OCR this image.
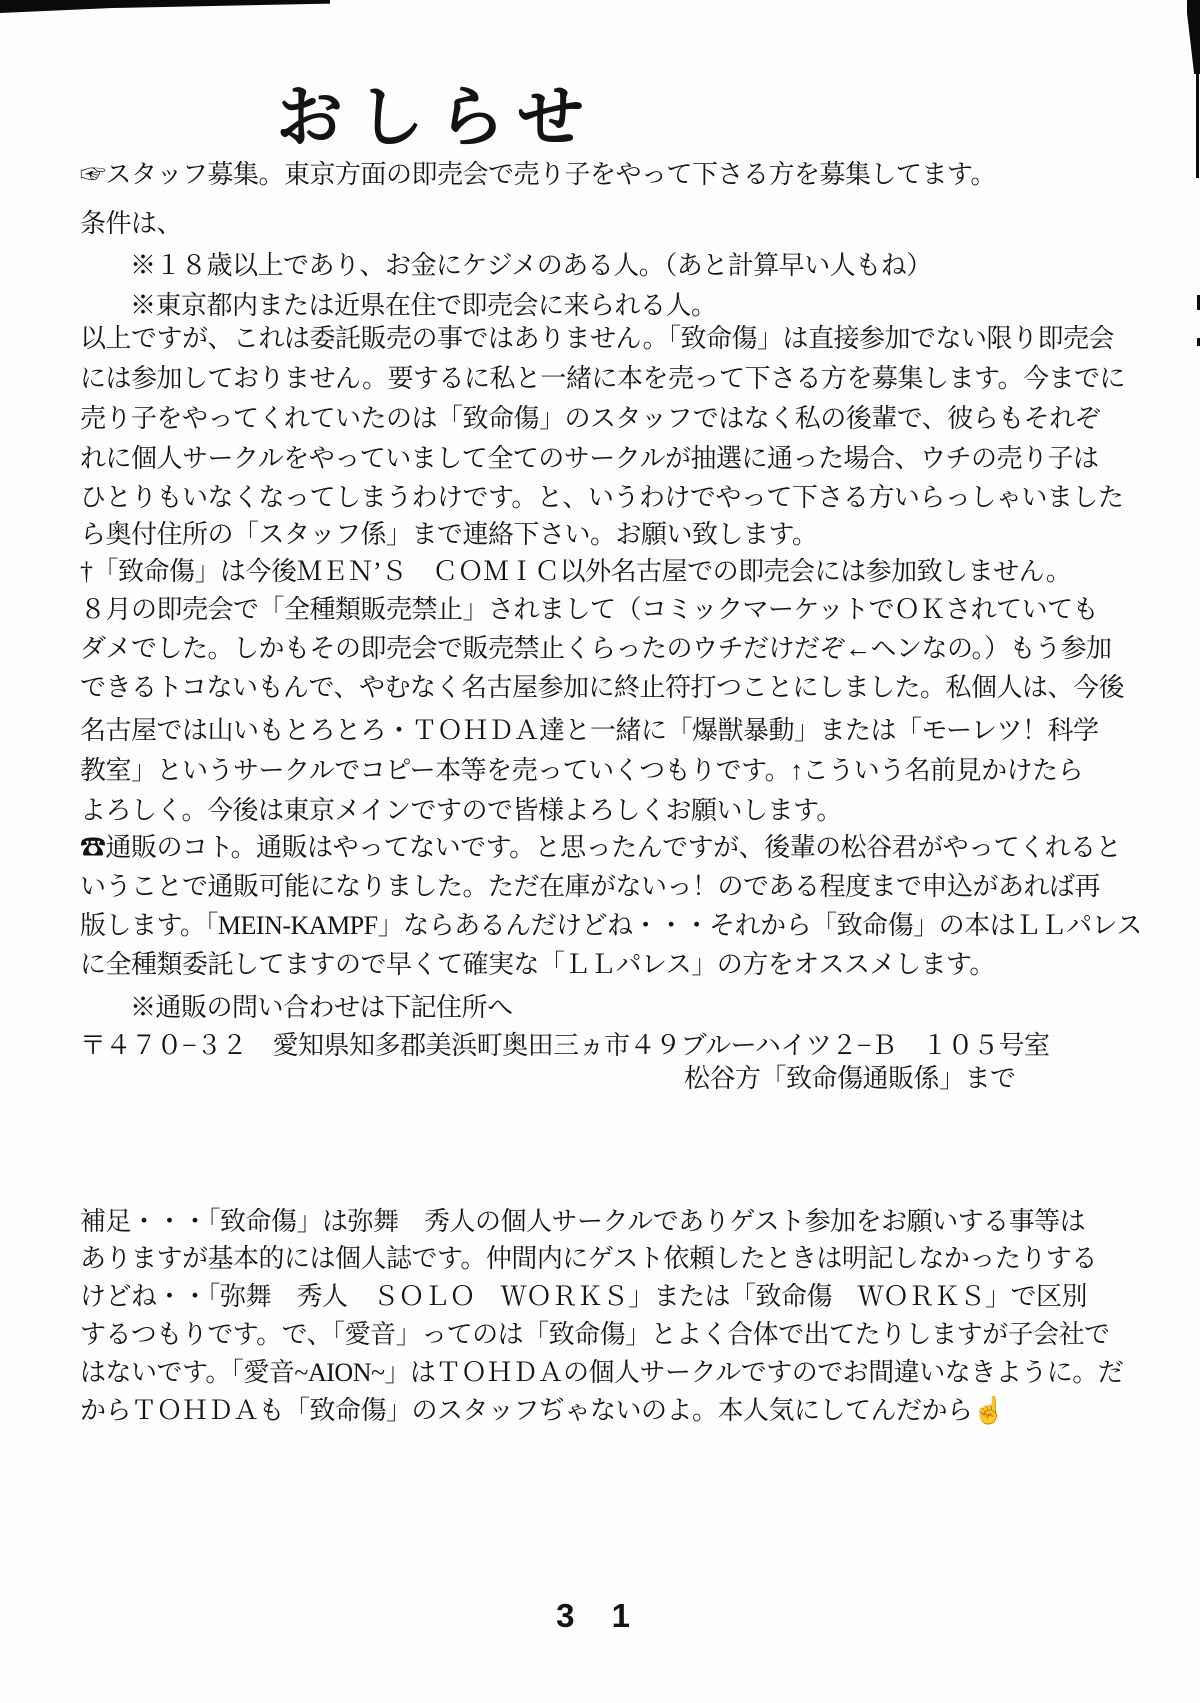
おしらせ
☞スタッフ募集。東京方面の即売会で売り子をやって下さる方を募集してます。
条件は、
※１８歳以上であり、お金にケジメのある人。（あと計算早い人もね）
※東京都内または近県在住で即売会に来られる人。
以上ですが、これは委託販売の事ではありません。「致命傷」は直接参加でない限り即売会
には参加しておりません。要するに私と一緒に本を売って下さる方を募集します。今までに
売り子をやってくれていたのは「致命傷」のスタッフではなく私の後輩で、彼らもそれぞ
れに個人サークルをやっていまして全てのサークルが抽選に通った場合、ウチの売り子は
ひとりもいなくなってしまうわけです。と、いうわけでやって下さる方いらっしゃいました
ら奥付住所の「スタッフ係」まで連絡下さい。お願い致します。
†「致命傷」は今後ＭＥＮ’Ｓ　ＣＯＭＩＣ以外名古屋での即売会には参加致しません。
８月の即売会で「全種類販売禁止」されまして（コミックマーケットでＯＫされていても
ダメでした。しかもその即売会で販売禁止くらったのウチだけだぞ←ヘンなの。）もう参加
できるトコないもんで、やむなく名古屋参加に終止符打つことにしました。私個人は、今後
名古屋では山いもとろとろ・ＴＯＨＤＡ達と一緒に「爆獣暴動」または「モーレツ！科学
教室」というサークルでコピー本等を売っていくつもりです。↑こういう名前見かけたら
よろしく。今後は東京メインですので皆様よろしくお願いします。
☎通販のコト。通販はやってないです。と思ったんですが、後輩の松谷君がやってくれると
いうことで通販可能になりました。ただ在庫がないっ！のである程度まで申込があれば再
版します。「MEIN-KAMPF」ならあるんだけどね・・・それから「致命傷」の本はＬＬパレス
に全種類委託してますので早くて確実な「ＬＬパレス」の方をオススメします。
※通販の問い合わせは下記住所へ
〒４７０−３２　愛知県知多郡美浜町奥田三ヵ市４９ブルーハイツ２−Ｂ　１０５号室
松谷方「致命傷通販係」まで
補足・・・「致命傷」は弥舞　秀人の個人サークルでありゲスト参加をお願いする事等は
ありますが基本的には個人誌です。仲間内にゲスト依頼したときは明記しなかったりする
けどね・・「弥舞　秀人　ＳＯＬＯ　ＷＯＲＫＳ」または「致命傷　ＷＯＲＫＳ」で区別
するつもりです。で、「愛音」ってのは「致命傷」とよく合体で出てたりしますが子会社で
はないです。「愛音~AION~」はＴＯＨＤＡの個人サークルですのでお間違いなきように。だ
からＴＯＨＤＡも「致命傷」のスタッフぢゃないのよ。本人気にしてんだから☝
3 1
